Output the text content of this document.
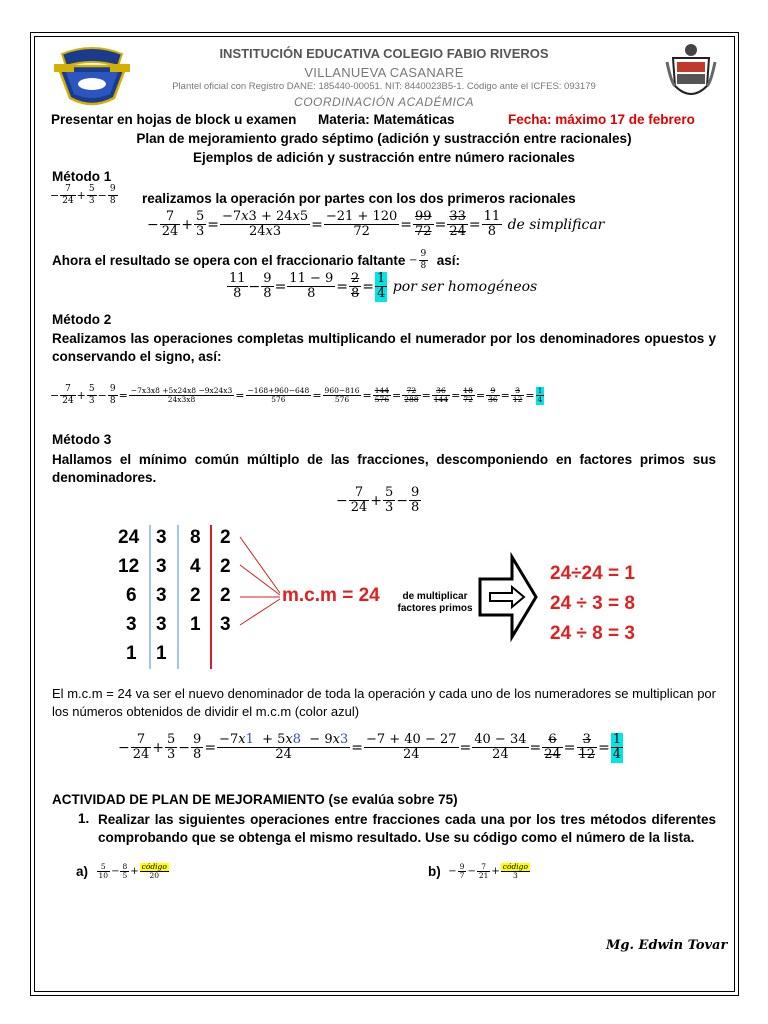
INSTITUCIÓN EDUCATIVA COLEGIO FABIO RIVEROS
VILLANUEVA CASANARE
Plantel oficial con Registro DANE: 185440-00051. NIT: 8440023B5-1. Código ante el ICFES: 093179
COORDINACIÓN ACADÉMICA
Presentar en hojas de block u examen Materia: Matemáticas	Fecha: máximo 17 de febrero
Plan de mejoramiento grado séptimo (adición y sustracción entre racionales)
Ejemplos de adición y sustracción entre número racionales
Método 1
− $\frac{7}{24} + \frac{5}{3} - \frac{9}{8}$ realizamos la operación por partes con los dos primeros racionales
− $\frac{7}{24} + \frac{5}{3} = \frac{-7x3 + 24x5}{24x3} = \frac{-21 + 120}{72} = \frac{99}{72} = \frac{33}{24} = \frac{11}{8}$
de simplificar
Ahora el resultado se opera con el fraccionario faltante
− $\frac{9}{8}$
así:
$\frac{11}{8} - \frac{9}{8} = \frac{11 - 9}{8} = \frac{2}{8} = \frac{1}{4}$
por ser homogéneos
Método 2
Realizamos las operaciones completas multiplicando el numerador por los denominadores opuestos y conservando el signo, así:
− $\frac{7}{24} + \frac{5}{3} - \frac{9}{8} = \frac{-7x3x8 +5x24x8 -9x24x3}{24x3x8} = \frac{-168+960-648}{576} = \frac{960-816}{576} = \frac{144}{576} = \frac{72}{288} = \frac{36}{144} = \frac{18}{72} = \frac{9}{36} = \frac{3}{12} = \frac{1}{4}$
Método 3
Hallamos el mínimo común múltiplo de las fracciones, descomponiendo en factores primos sus denominadores.
− $\frac{7}{24} + \frac{5}{3} - \frac{9}{8}$
24 3 8 2
12 3 4 2
6 3 2 2
3 3 1 3
1 1
m.c.m = 24	de multiplicar factores primos
24÷24 = 1
24 ÷ 3 = 8
24 ÷ 8 = 3
El m.c.m = 24 va ser el nuevo denominador de toda la operación y cada uno de los numeradores se multiplican por los números obtenidos de dividir el m.c.m (color azul)
− $\frac{7}{24} + \frac{5}{3} - \frac{9}{8} = \frac{-7x1 + 5x8 - 9x3}{24} = \frac{-7 + 40 - 27}{24} = \frac{40 - 34}{24} = \frac{6}{24} = \frac{3}{12} = \frac{1}{4}$
ACTIVIDAD DE PLAN DE MEJORAMIENTO (se evalúa sobre 75)
1. Realizar las siguientes operaciones entre fracciones cada una por los tres métodos diferentes comprobando que se obtenga el mismo resultado. Use su código como el número de la lista.
a)
$\frac{5}{10} - \frac{8}{5} + \frac{\text{código}}{20}$	b)
− $\frac{9}{7} - \frac{7}{21} + \frac{\text{código}}{3}$
Mg. Edwin Tovar
